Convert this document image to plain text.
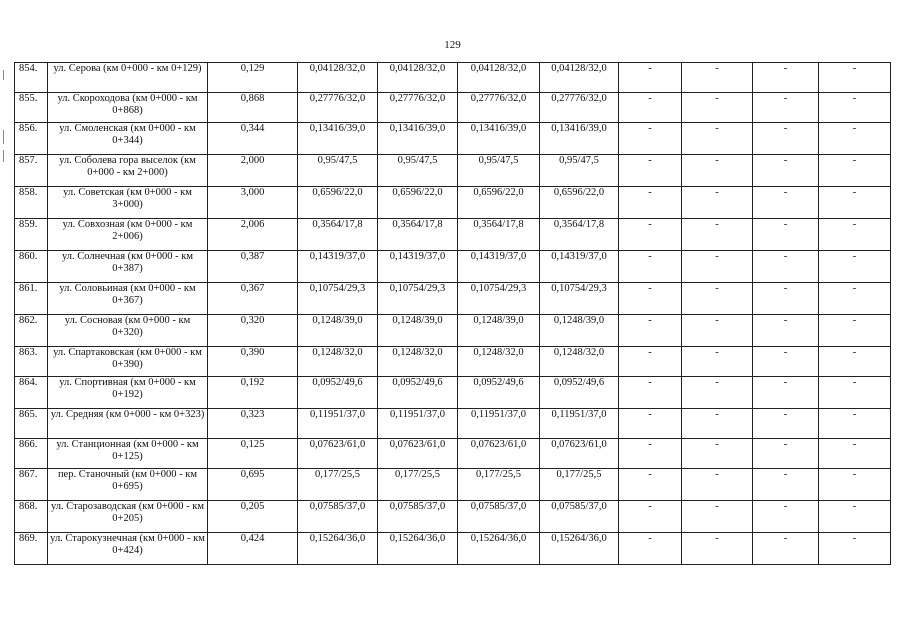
129
854.	ул. Серова (км 0+000 - км 0+129)	0,129	0,04128/32,0	0,04128/32,0	0,04128/32,0	0,04128/32,0	-	-	-	-
855.	ул. Скороходова (км 0+000 - км 0+868)	0,868	0,27776/32,0	0,27776/32,0	0,27776/32,0	0,27776/32,0	-	-	-	-
856.	ул. Смоленская (км 0+000 - км 0+344)	0,344	0,13416/39,0	0,13416/39,0	0,13416/39,0	0,13416/39,0	-	-	-	-
857.	ул. Соболева гора выселок (км 0+000 - км 2+000)	2,000	0,95/47,5	0,95/47,5	0,95/47,5	0,95/47,5	-	-	-	-
858.	ул. Советская (км 0+000 - км 3+000)	3,000	0,6596/22,0	0,6596/22,0	0,6596/22,0	0,6596/22,0	-	-	-	-
859.	ул. Совхозная (км 0+000 - км 2+006)	2,006	0,3564/17,8	0,3564/17,8	0,3564/17,8	0,3564/17,8	-	-	-	-
860.	ул. Солнечная (км 0+000 - км 0+387)	0,387	0,14319/37,0	0,14319/37,0	0,14319/37,0	0,14319/37,0	-	-	-	-
861.	ул. Соловьиная (км 0+000 - км 0+367)	0,367	0,10754/29,3	0,10754/29,3	0,10754/29,3	0,10754/29,3	-	-	-	-
862.	ул. Сосновая (км 0+000 - км 0+320)	0,320	0,1248/39,0	0,1248/39,0	0,1248/39,0	0,1248/39,0	-	-	-	-
863.	ул. Спартаковская (км 0+000 - км 0+390)	0,390	0,1248/32,0	0,1248/32,0	0,1248/32,0	0,1248/32,0	-	-	-	-
864.	ул. Спортивная (км 0+000 - км 0+192)	0,192	0,0952/49,6	0,0952/49,6	0,0952/49,6	0,0952/49,6	-	-	-	-
865.	ул. Средняя (км 0+000 - км 0+323)	0,323	0,11951/37,0	0,11951/37,0	0,11951/37,0	0,11951/37,0	-	-	-	-
866.	ул. Станционная (км 0+000 - км 0+125)	0,125	0,07623/61,0	0,07623/61,0	0,07623/61,0	0,07623/61,0	-	-	-	-
867.	пер. Станочный (км 0+000 - км 0+695)	0,695	0,177/25,5	0,177/25,5	0,177/25,5	0,177/25,5	-	-	-	-
868.	ул. Старозаводская (км 0+000 - км 0+205)	0,205	0,07585/37,0	0,07585/37,0	0,07585/37,0	0,07585/37,0	-	-	-	-
869.	ул. Старокузнечная (км 0+000 - км 0+424)	0,424	0,15264/36,0	0,15264/36,0	0,15264/36,0	0,15264/36,0	-	-	-	-
